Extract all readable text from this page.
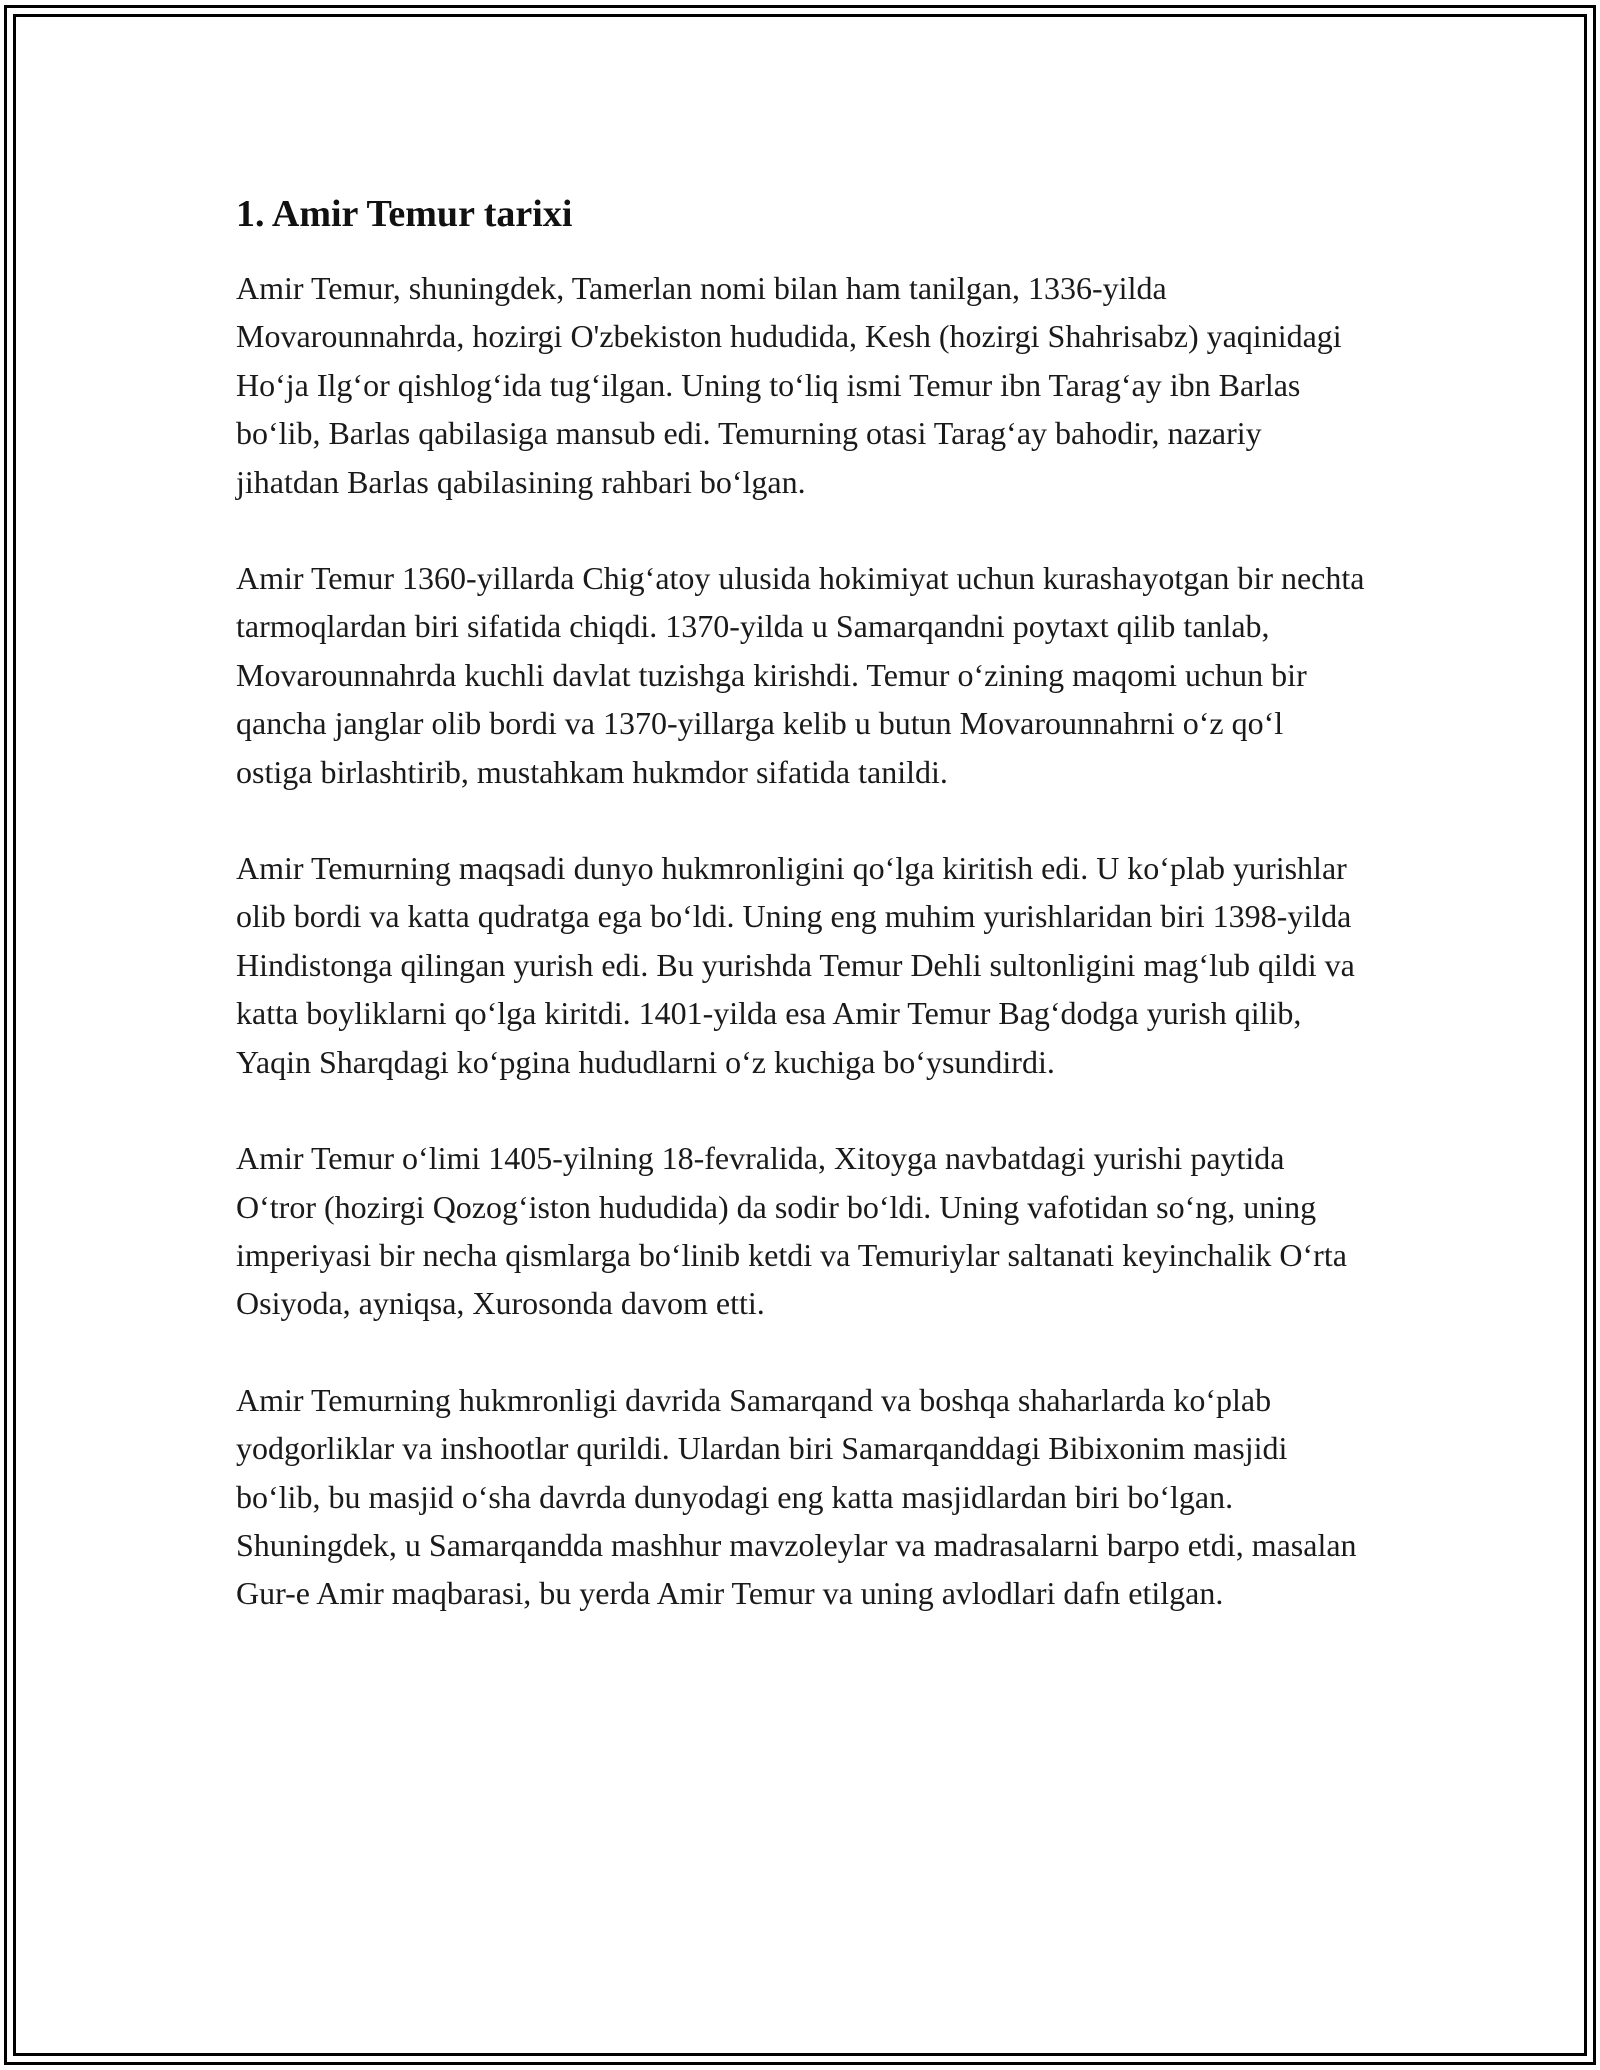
1. Amir Temur tarixi

Amir Temur, shuningdek, Tamerlan nomi bilan ham tanilgan, 1336-yilda Movarounnahrda, hozirgi O'zbekiston hududida, Kesh (hozirgi Shahrisabz) yaqinidagi Ho‘ja Ilg‘or qishlog‘ida tug‘ilgan. Uning to‘liq ismi Temur ibn Tarag‘ay ibn Barlas bo‘lib, Barlas qabilasiga mansub edi. Temurning otasi Tarag‘ay bahodir, nazariy jihatdan Barlas qabilasining rahbari bo‘lgan.

Amir Temur 1360-yillarda Chig‘atoy ulusida hokimiyat uchun kurashayotgan bir nechta tarmoqlardan biri sifatida chiqdi. 1370-yilda u Samarqandni poytaxt qilib tanlab, Movarounnahrda kuchli davlat tuzishga kirishdi. Temur o‘zining maqomi uchun bir qancha janglar olib bordi va 1370-yillarga kelib u butun Movarounnahrni o‘z qo‘l ostiga birlashtirib, mustahkam hukmdor sifatida tanildi.

Amir Temurning maqsadi dunyo hukmronligini qo‘lga kiritish edi. U ko‘plab yurishlar olib bordi va katta qudratga ega bo‘ldi. Uning eng muhim yurishlaridan biri 1398-yilda Hindistonga qilingan yurish edi. Bu yurishda Temur Dehli sultonligini mag‘lub qildi va katta boyliklarni qo‘lga kiritdi. 1401-yilda esa Amir Temur Bag‘dodga yurish qilib, Yaqin Sharqdagi ko‘pgina hududlarni o‘z kuchiga bo‘ysundirdi.

Amir Temur o‘limi 1405-yilning 18-fevralida, Xitoyga navbatdagi yurishi paytida O‘tror (hozirgi Qozog‘iston hududida) da sodir bo‘ldi. Uning vafotidan so‘ng, uning imperiyasi bir necha qismlarga bo‘linib ketdi va Temuriylar saltanati keyinchalik O‘rta Osiyoda, ayniqsa, Xurosonda davom etti.

Amir Temurning hukmronligi davrida Samarqand va boshqa shaharlarda ko‘plab yodgorliklar va inshootlar qurildi. Ulardan biri Samarqanddagi Bibixonim masjidi bo‘lib, bu masjid o‘sha davrda dunyodagi eng katta masjidlardan biri bo‘lgan. Shuningdek, u Samarqandda mashhur mavzoleylar va madrasalarni barpo etdi, masalan Gur-e Amir maqbarasi, bu yerda Amir Temur va uning avlodlari dafn etilgan.
